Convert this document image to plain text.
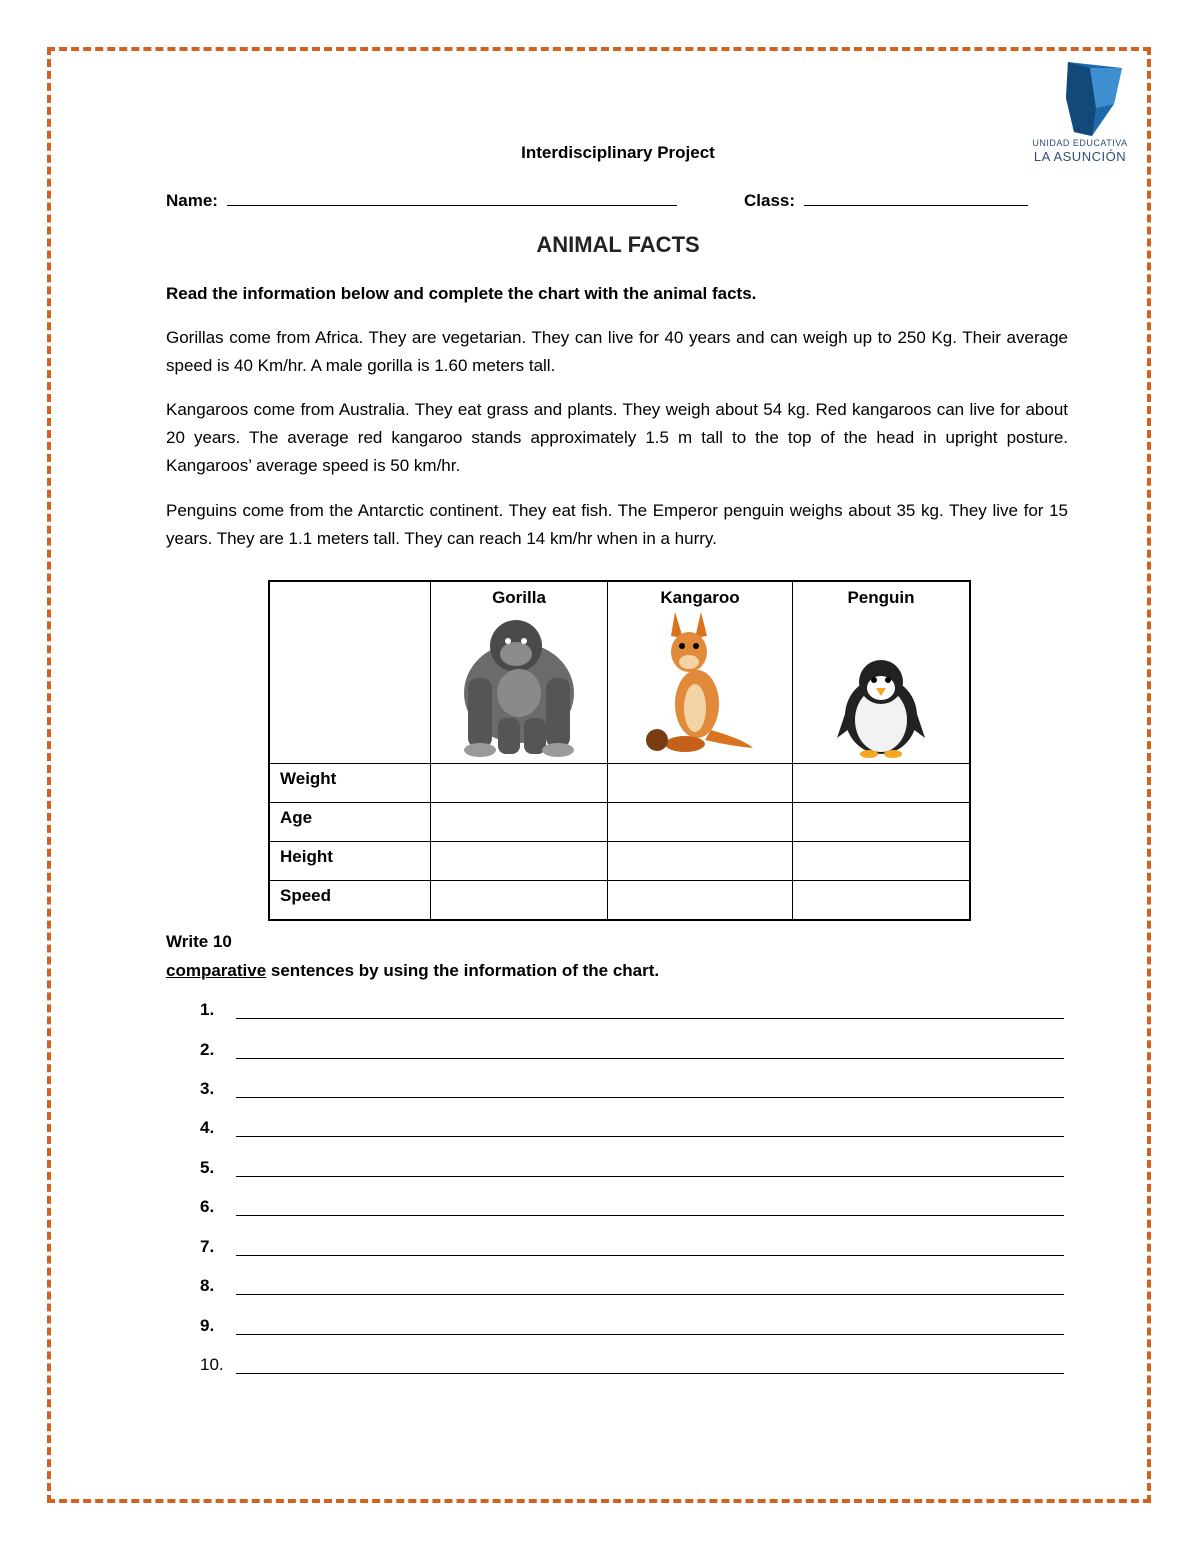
UNIDAD EDUCATIVA
LA ASUNCIÓN
Interdisciplinary Project
Name:	Class:
ANIMAL FACTS
Read the information below and complete the chart with the animal facts.
Gorillas come from Africa. They are vegetarian. They can live for 40 years and can weigh up to 250 Kg. Their average speed is 40 Km/hr. A male gorilla is 1.60 meters tall.
Kangaroos come from Australia. They eat grass and plants. They weigh about 54 kg. Red kangaroos can live for about 20 years. The average red kangaroo stands approximately 1.5 m tall to the top of the head in upright posture. Kangaroos’ average speed is 50 km/hr.
Penguins come from the Antarctic continent. They eat fish. The Emperor penguin weighs about 35 kg. They live for 15 years. They are 1.1 meters tall. They can reach 14 km/hr when in a hurry.

	Gorilla	Kangaroo	Penguin

Weight			

Age			

Height			

Speed			

Write 10
comparative sentences by using the information of the chart.
1.
2.
3.
4.
5.
6.
7.
8.
9.
10.
